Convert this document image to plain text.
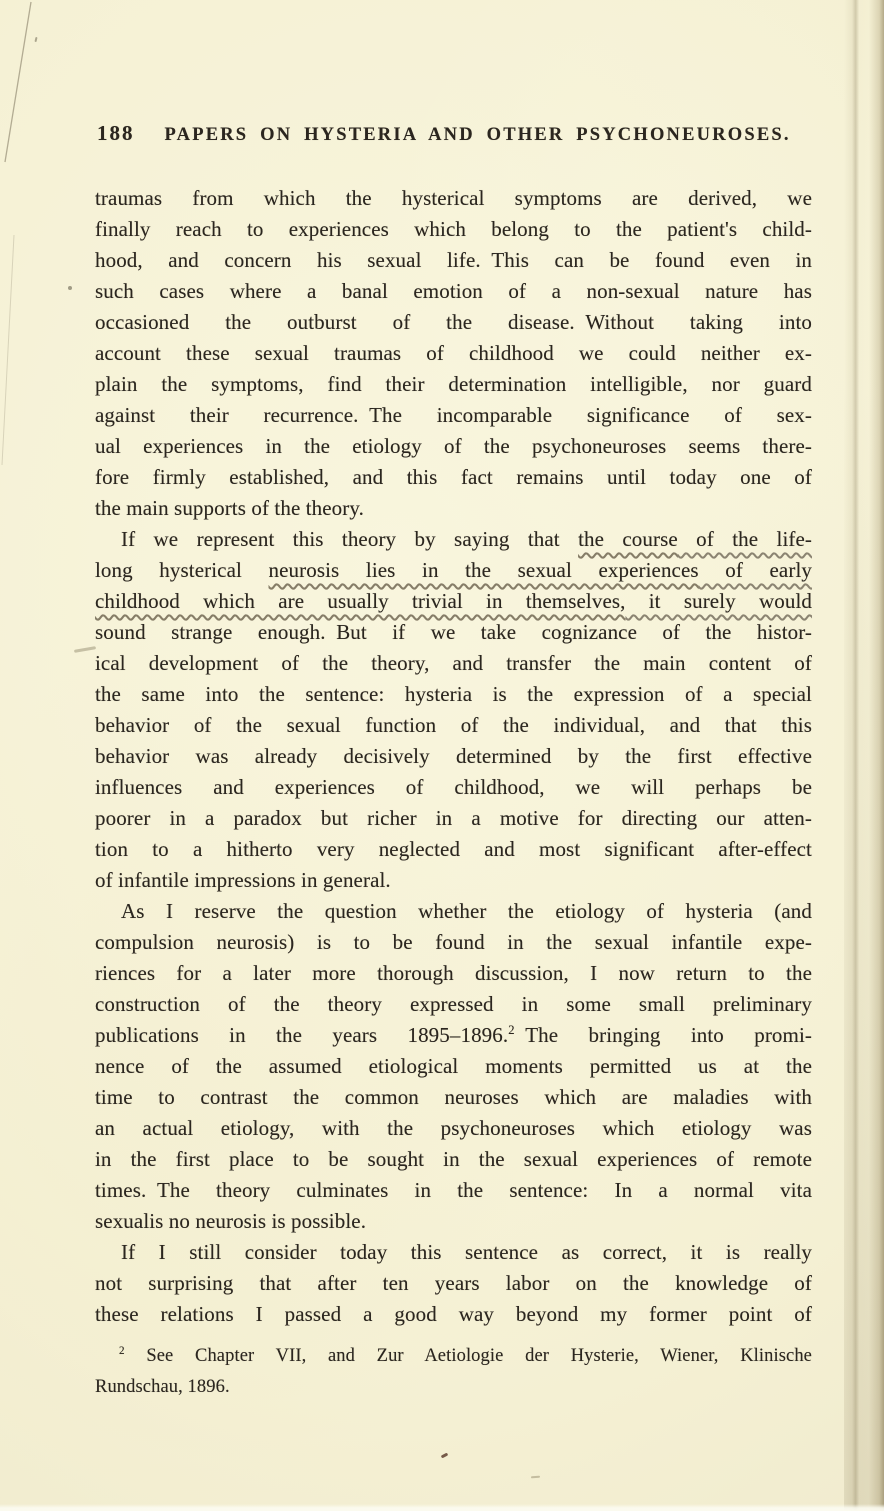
188 PAPERS ON HYSTERIA AND OTHER PSYCHONEUROSES.
traumas from which the hysterical symptoms are derived, we
finally reach to experiences which belong to the patient's child-
hood, and concern his sexual life. This can be found even in
such cases where a banal emotion of a non-sexual nature has
occasioned the outburst of the disease. Without taking into
account these sexual traumas of childhood we could neither ex-
plain the symptoms, find their determination intelligible, nor guard
against their recurrence. The incomparable significance of sex-
ual experiences in the etiology of the psychoneuroses seems there-
fore firmly established, and this fact remains until today one of
the main supports of the theory.
If we represent this theory by saying that the course of the life-
long hysterical neurosis lies in the sexual experiences of early
childhood which are usually trivial in themselves, it surely would
sound strange enough. But if we take cognizance of the histor-
ical development of the theory, and transfer the main content of
the same into the sentence: hysteria is the expression of a special
behavior of the sexual function of the individual, and that this
behavior was already decisively determined by the first effective
influences and experiences of childhood, we will perhaps be
poorer in a paradox but richer in a motive for directing our atten-
tion to a hitherto very neglected and most significant after-effect
of infantile impressions in general.
As I reserve the question whether the etiology of hysteria (and
compulsion neurosis) is to be found in the sexual infantile expe-
riences for a later more thorough discussion, I now return to the
construction of the theory expressed in some small preliminary
publications in the years 1895–1896.$^2$ The bringing into promi-
nence of the assumed etiological moments permitted us at the
time to contrast the common neuroses which are maladies with
an actual etiology, with the psychoneuroses which etiology was
in the first place to be sought in the sexual experiences of remote
times. The theory culminates in the sentence: In a normal vita
sexualis no neurosis is possible.
If I still consider today this sentence as correct, it is really
not surprising that after ten years labor on the knowledge of
these relations I passed a good way beyond my former point of
$^2$ See Chapter VII, and Zur Aetiologie der Hysterie, Wiener, Klinische
Rundschau, 1896.
